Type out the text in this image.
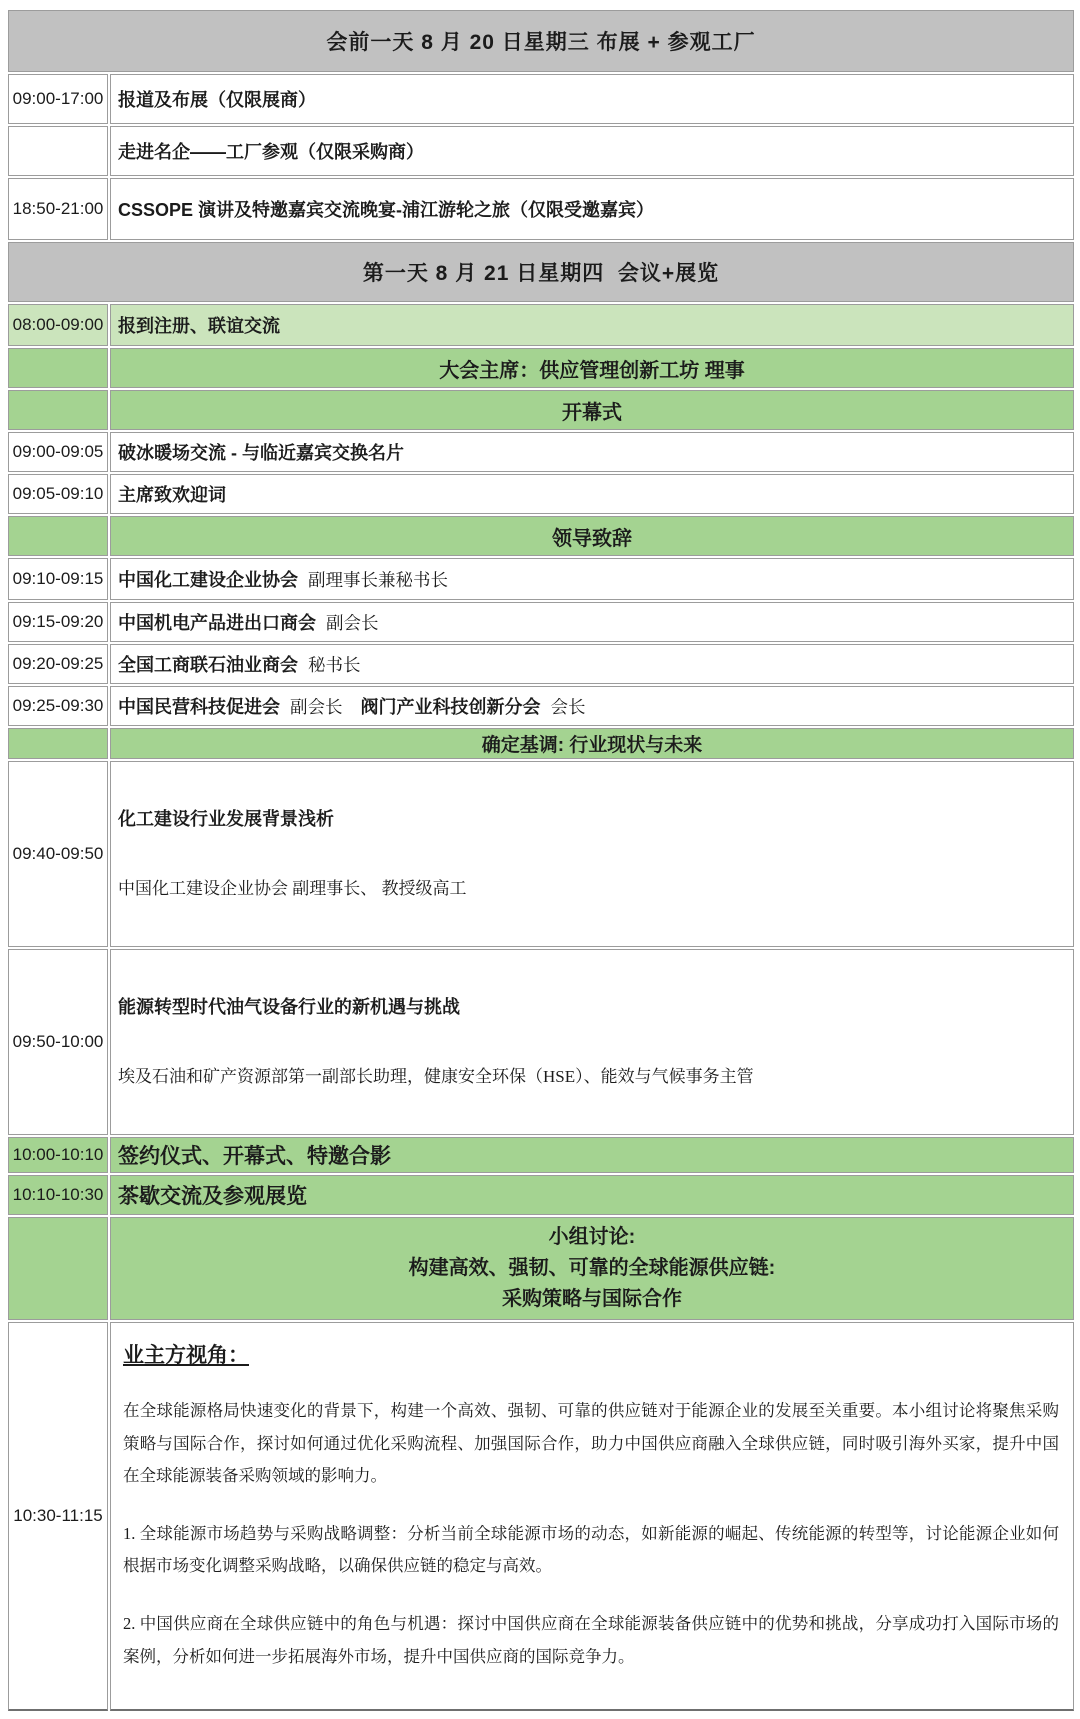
会前一天 8 月 20 日星期三 布展 + 参观工厂	
09:00-17:00	报道及布展（仅限展商）
	走进名企——工厂参观（仅限采购商）
18:50-21:00	CSSOPE 演讲及特邀嘉宾交流晚宴-浦江游轮之旅（仅限受邀嘉宾）
第一天 8 月 21 日星期四  会议+展览	
08:00-09:00	报到注册、联谊交流
	大会主席：供应管理创新工坊 理事
	开幕式
09:00-09:05	破冰暖场交流 - 与临近嘉宾交换名片
09:05-09:10	主席致欢迎词
	领导致辞
09:10-09:15	中国化工建设企业协会 副理事长兼秘书长
09:15-09:20	中国机电产品进出口商会 副会长
09:20-09:25	全国工商联石油业商会 秘书长
09:25-09:30	中国民营科技促进会 副会长 阀门产业科技创新分会 会长
	确定基调: 行业现状与未来
09:40-09:50	化工建设行业发展背景浅析

中国化工建设企业协会 副理事长、 教授级高工

09:50-10:00	能源转型时代油气设备行业的新机遇与挑战

埃及石油和矿产资源部第一副部长助理，健康安全环保（HSE）、能效与气候事务主管

10:00-10:10	签约仪式、开幕式、特邀合影
10:10-10:30	茶歇交流及参观展览

	小组讨论:
构建高效、强韧、可靠的全球能源供应链:
采购策略与国际合作

10:30-11:15	业主方视角：

在全球能源格局快速变化的背景下，构建一个高效、强韧、可靠的供应链对于能源企业的发展至关重要。本小组讨论将聚焦采购策略与国际合作，探讨如何通过优化采购流程、加强国际合作，助力中国供应商融入全球供应链，同时吸引海外买家，提升中国在全球能源装备采购领域的影响力。

1. 全球能源市场趋势与采购战略调整：分析当前全球能源市场的动态，如新能源的崛起、传统能源的转型等，讨论能源企业如何根据市场变化调整采购战略，以确保供应链的稳定与高效。

2. 中国供应商在全球供应链中的角色与机遇：探讨中国供应商在全球能源装备供应链中的优势和挑战，分享成功打入国际市场的案例，分析如何进一步拓展海外市场，提升中国供应商的国际竞争力。
